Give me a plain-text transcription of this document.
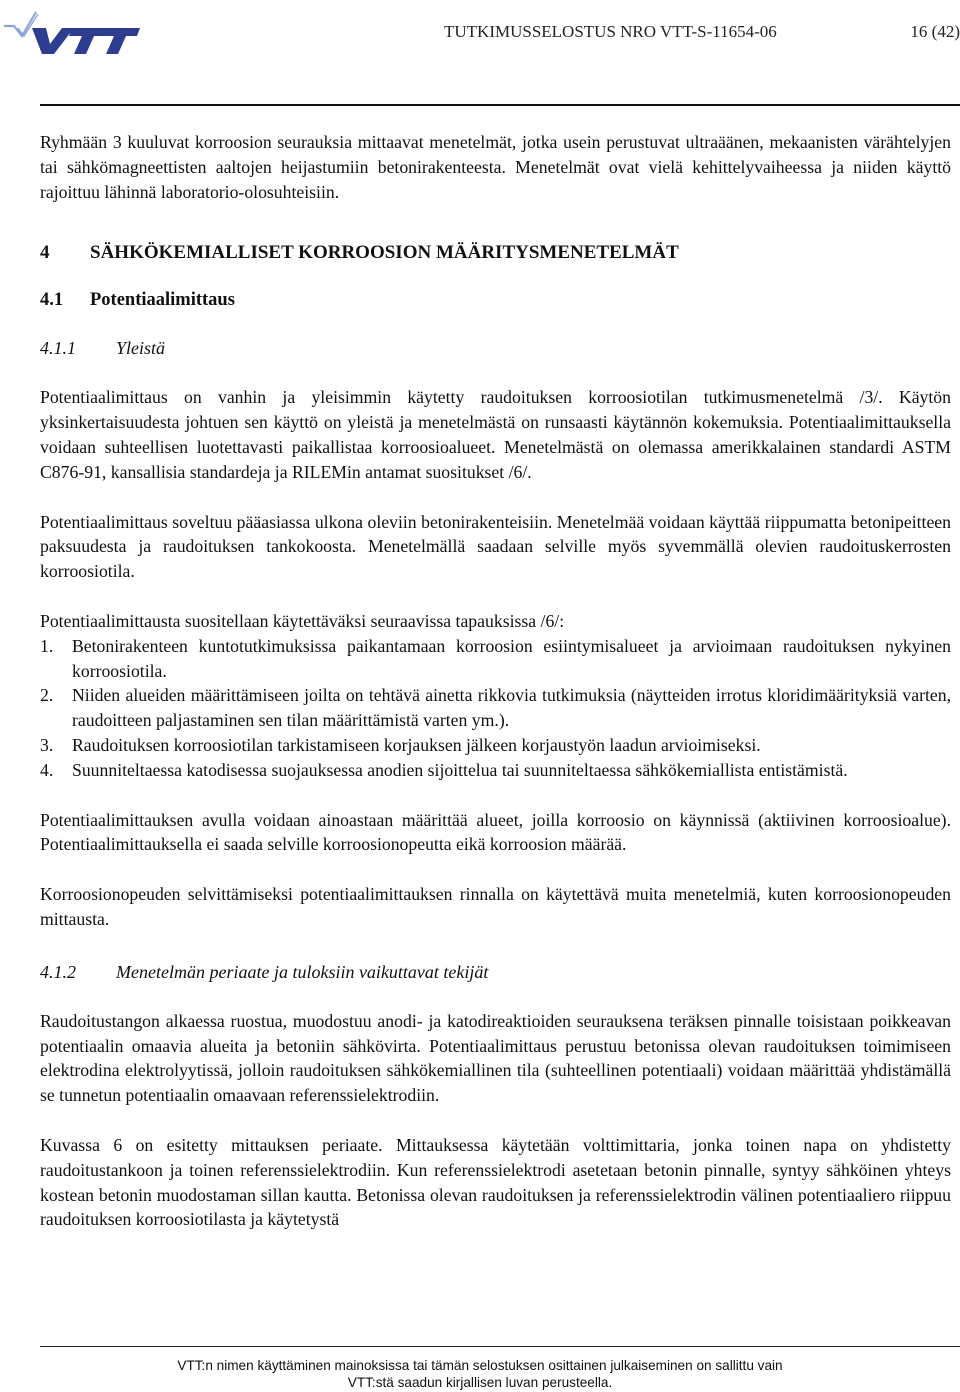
TUTKIMUSSELOSTUS NRO VTT-S-11654-06	16 (42)

Ryhmään 3 kuuluvat korroosion seurauksia mittaavat menetelmät, jotka usein perustuvat ultraäänen, mekaanisten värähtelyjen tai sähkömagneettisten aaltojen heijastumiin betonirakenteesta. Menetelmät ovat vielä kehittelyvaiheessa ja niiden käyttö rajoittuu lähinnä laboratorio-olosuhteisiin.

4 SÄHKÖKEMIALLISET KORROOSION MÄÄRITYSMENETELMÄT
4.1 Potentiaalimittaus
4.1.1 Yleistä

Potentiaalimittaus on vanhin ja yleisimmin käytetty raudoituksen korroosiotilan tutkimusmenetelmä /3/. Käytön yksinkertaisuudesta johtuen sen käyttö on yleistä ja menetelmästä on runsaasti käytännön kokemuksia. Potentiaalimittauksella voidaan suhteellisen luotettavasti paikallistaa korroosioalueet. Menetelmästä on olemassa amerikkalainen standardi ASTM C876-91, kansallisia standardeja ja RILEMin antamat suositukset /6/.

Potentiaalimittaus soveltuu pääasiassa ulkona oleviin betonirakenteisiin. Menetelmää voidaan käyttää riippumatta betonipeitteen paksuudesta ja raudoituksen tankokoosta. Menetelmällä saadaan selville myös syvemmällä olevien raudoituskerrosten korroosiotila.

Potentiaalimittausta suositellaan käytettäväksi seuraavissa tapauksissa /6/:

1. Betonirakenteen kuntotutkimuksissa paikantamaan korroosion esiintymisalueet ja arvioimaan raudoituksen nykyinen korroosiotila.
2. Niiden alueiden määrittämiseen joilta on tehtävä ainetta rikkovia tutkimuksia (näytteiden irrotus kloridimäärityksiä varten, raudoitteen paljastaminen sen tilan määrittämistä varten ym.).
3. Raudoituksen korroosiotilan tarkistamiseen korjauksen jälkeen korjaustyön laadun arvioimiseksi.
4. Suunniteltaessa katodisessa suojauksessa anodien sijoittelua tai suunniteltaessa sähkökemiallista entistämistä.

Potentiaalimittauksen avulla voidaan ainoastaan määrittää alueet, joilla korroosio on käynnissä (aktiivinen korroosioalue). Potentiaalimittauksella ei saada selville korroosionopeutta eikä korroosion määrää.

Korroosionopeuden selvittämiseksi potentiaalimittauksen rinnalla on käytettävä muita menetelmiä, kuten korroosionopeuden mittausta.

4.1.2 Menetelmän periaate ja tuloksiin vaikuttavat tekijät

Raudoitustangon alkaessa ruostua, muodostuu anodi- ja katodireaktioiden seurauksena teräksen pinnalle toisistaan poikkeavan potentiaalin omaavia alueita ja betoniin sähkövirta. Potentiaalimittaus perustuu betonissa olevan raudoituksen toimimiseen elektrodina elektrolyytissä, jolloin raudoituksen sähkökemiallinen tila (suhteellinen potentiaali) voidaan määrittää yhdistämällä se tunnetun potentiaalin omaavaan referenssielektrodiin.

Kuvassa 6 on esitetty mittauksen periaate. Mittauksessa käytetään volttimittaria, jonka toinen napa on yhdistetty raudoitustankoon ja toinen referenssielektrodiin. Kun referenssielektrodi asetetaan betonin pinnalle, syntyy sähköinen yhteys kostean betonin muodostaman sillan kautta. Betonissa olevan raudoituksen ja referenssielektrodin välinen potentiaaliero riippuu raudoituksen korroosiotilasta ja käytetystä

VTT:n nimen käyttäminen mainoksissa tai tämän selostuksen osittainen julkaiseminen on sallittu vain
VTT:stä saadun kirjallisen luvan perusteella.
